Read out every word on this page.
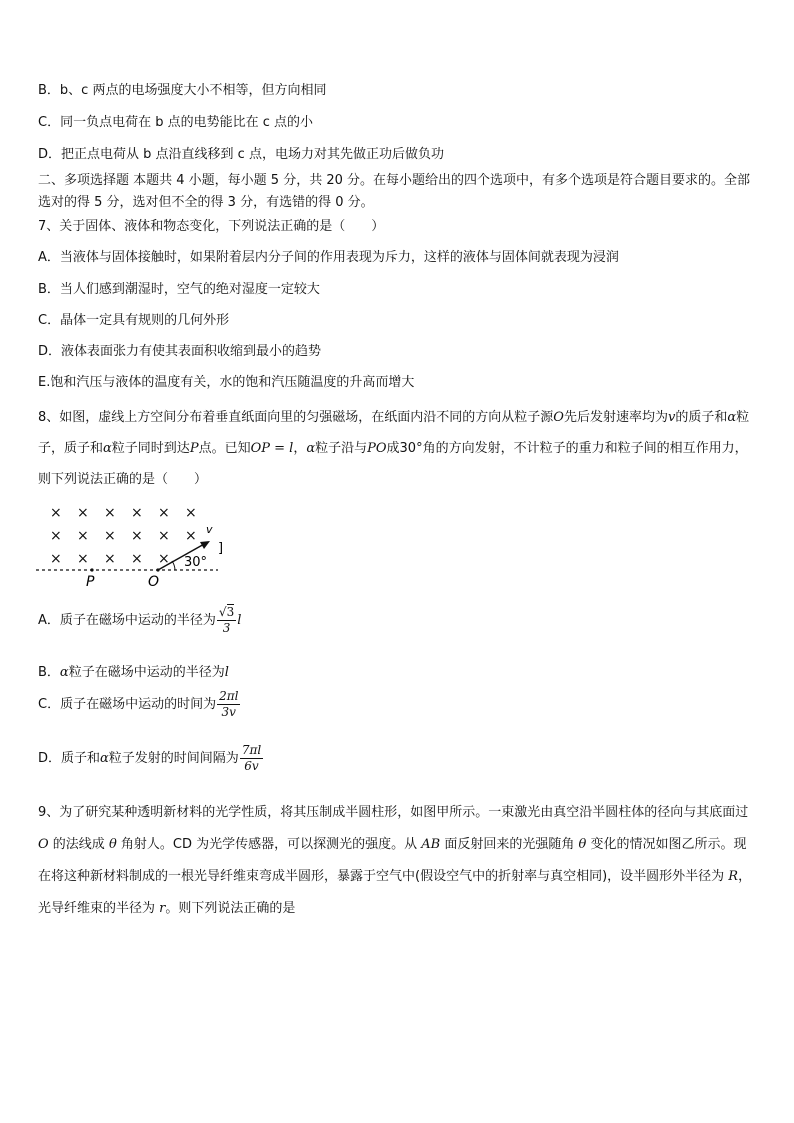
B．b、c 两点的电场强度大小不相等，但方向相同
C．同一负点电荷在 b 点的电势能比在 c 点的小
D．把正点电荷从 b 点沿直线移到 c 点，电场力对其先做正功后做负功
二、多项选择题 本题共 4 小题，每小题 5 分，共 20 分。在每小题给出的四个选项中，有多个选项是符合题目要求的。全部选对的得 5 分，选对但不全的得 3 分，有选错的得 0 分。
7、关于固体、液体和物态变化，下列说法正确的是（　　）
A．当液体与固体接触时，如果附着层内分子间的作用表现为斥力，这样的液体与固体间就表现为浸润
B．当人们感到潮湿时，空气的绝对湿度一定较大
C．晶体一定具有规则的几何外形
D．液体表面张力有使其表面积收缩到最小的趋势
E.饱和汽压与液体的温度有关，水的饱和汽压随温度的升高而增大
8、如图，虚线上方空间分布着垂直纸面向里的匀强磁场，在纸面内沿不同的方向从粒子源O先后发射速率均为v的质子和α粒子，质子和α粒子同时到达P点。已知OP = l，α粒子沿与PO成30°角的方向发射，不计粒子的重力和粒子间的相互作用力，则下列说法正确的是（　　）
× × × × × ×
× × × × × ×
× × × × ×
v
30°
P	O
]
A．质子在磁场中运动的半径为 $\frac{√3}{3}$ l
B．α粒子在磁场中运动的半径为l
C．质子在磁场中运动的时间为 $\frac{2\pi l}{3v}$
D．质子和α粒子发射的时间间隔为 $\frac{7\pi l}{6v}$
9、为了研究某种透明新材料的光学性质，将其压制成半圆柱形，如图甲所示。一束激光由真空沿半圆柱体的径向与其底面过 O 的法线成 θ 角射人。CD 为光学传感器，可以探测光的强度。从 AB 面反射回来的光强随角 θ 变化的情况如图乙所示。现在将这种新材料制成的一根光导纤维束弯成半圆形，暴露于空气中(假设空气中的折射率与真空相同)，设半圆形外半径为 R，光导纤维束的半径为 r。则下列说法正确的是
